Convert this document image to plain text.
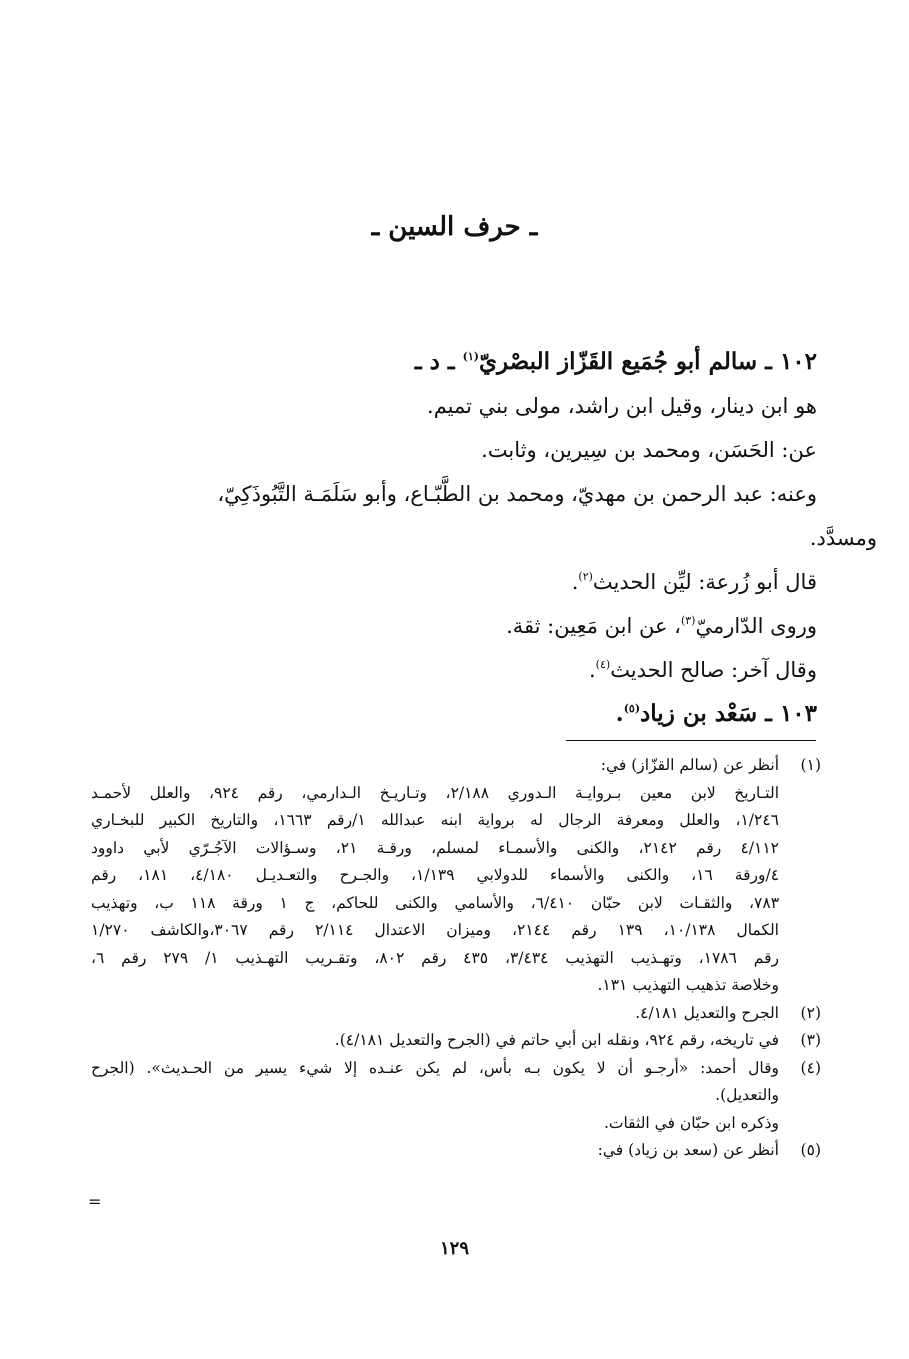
ـ حرف السين ـ
١٠٢ ـ سالم أبو جُمَيع القَزّاز البصْريّ$^{(١)}$ ـ د ـ
هو ابن دينار، وقيل ابن راشد، مولى بني تميم.
عن: الحَسَن، ومحمد بن سِيرين، وثابت.
وعنه: عبد الرحمن بن مهديّ، ومحمد بن الطَّبّـاع، وأبو سَلَمَـة التَّبُوذَكِيّ،
ومسدَّد.
قال أبو زُرعة: ليِّن الحديث$^{(٢)}$.
وروى الدّارميّ$^{(٣)}$، عن ابن مَعِين: ثقة.
وقال آخر: صالح الحديث$^{(٤)}$.
١٠٣ ـ سَعْد بن زياد$^{(٥)}$.
(١)

أنظر عن (سالم القزّاز) في:

التـاريخ لابن معين بـروايـة الـدوري ٢/١٨٨، وتـاريـخ الـدارمي، رقم ٩٢٤، والعلل لأحمـد

١/٢٤٦، والعلل ومعرفة الرجال له برواية ابنه عبدالله ١/رقم ١٦٦٣، والتاريخ الكبير للبخـاري

٤/١١٢ رقم ٢١٤٢، والكنى والأسمـاء لمسلم، ورقـة ٢١، وسـؤالات الآجُـرّي لأبي داوود

٤/ورقة ١٦، والكنى والأسماء للدولابي ١/١٣٩، والجـرح والتعـديـل ٤/١٨٠، ١٨١، رقم

٧٨٣، والثقـات لابن حبّان ٦/٤١٠، والأسامي والكنى للحاكم، ج ١ ورقة ١١٨ ب، وتهذيب

الكمال ١٠/١٣٨، ١٣٩ رقم ٢١٤٤، وميزان الاعتدال ٢/١١٤ رقم ٣٠٦٧،والكاشف ١/٢٧٠

رقم ١٧٨٦، وتهـذيب التهذيب ٣/٤٣٤، ٤٣٥ رقم ٨٠٢، وتقـريب التهـذيب ١/ ٢٧٩ رقم ٦،

وخلاصة تذهيب التهذيب ١٣١.

(٢)

الجرح والتعديل ٤/١٨١.

(٣)

في تاريخه، رقم ٩٢٤، ونقله ابن أبي حاتم في (الجرح والتعديل ٤/١٨١).

(٤)

وقال أحمد: «أرجـو أن لا يكون بـه بأس، لم يكن عنـده إلا شيء يسير من الحـديث». (الجرح

والتعديل).

وذكره ابن حبّان في الثقات.

(٥)

أنظر عن (سعد بن زياد) في:

=
١٢٩
